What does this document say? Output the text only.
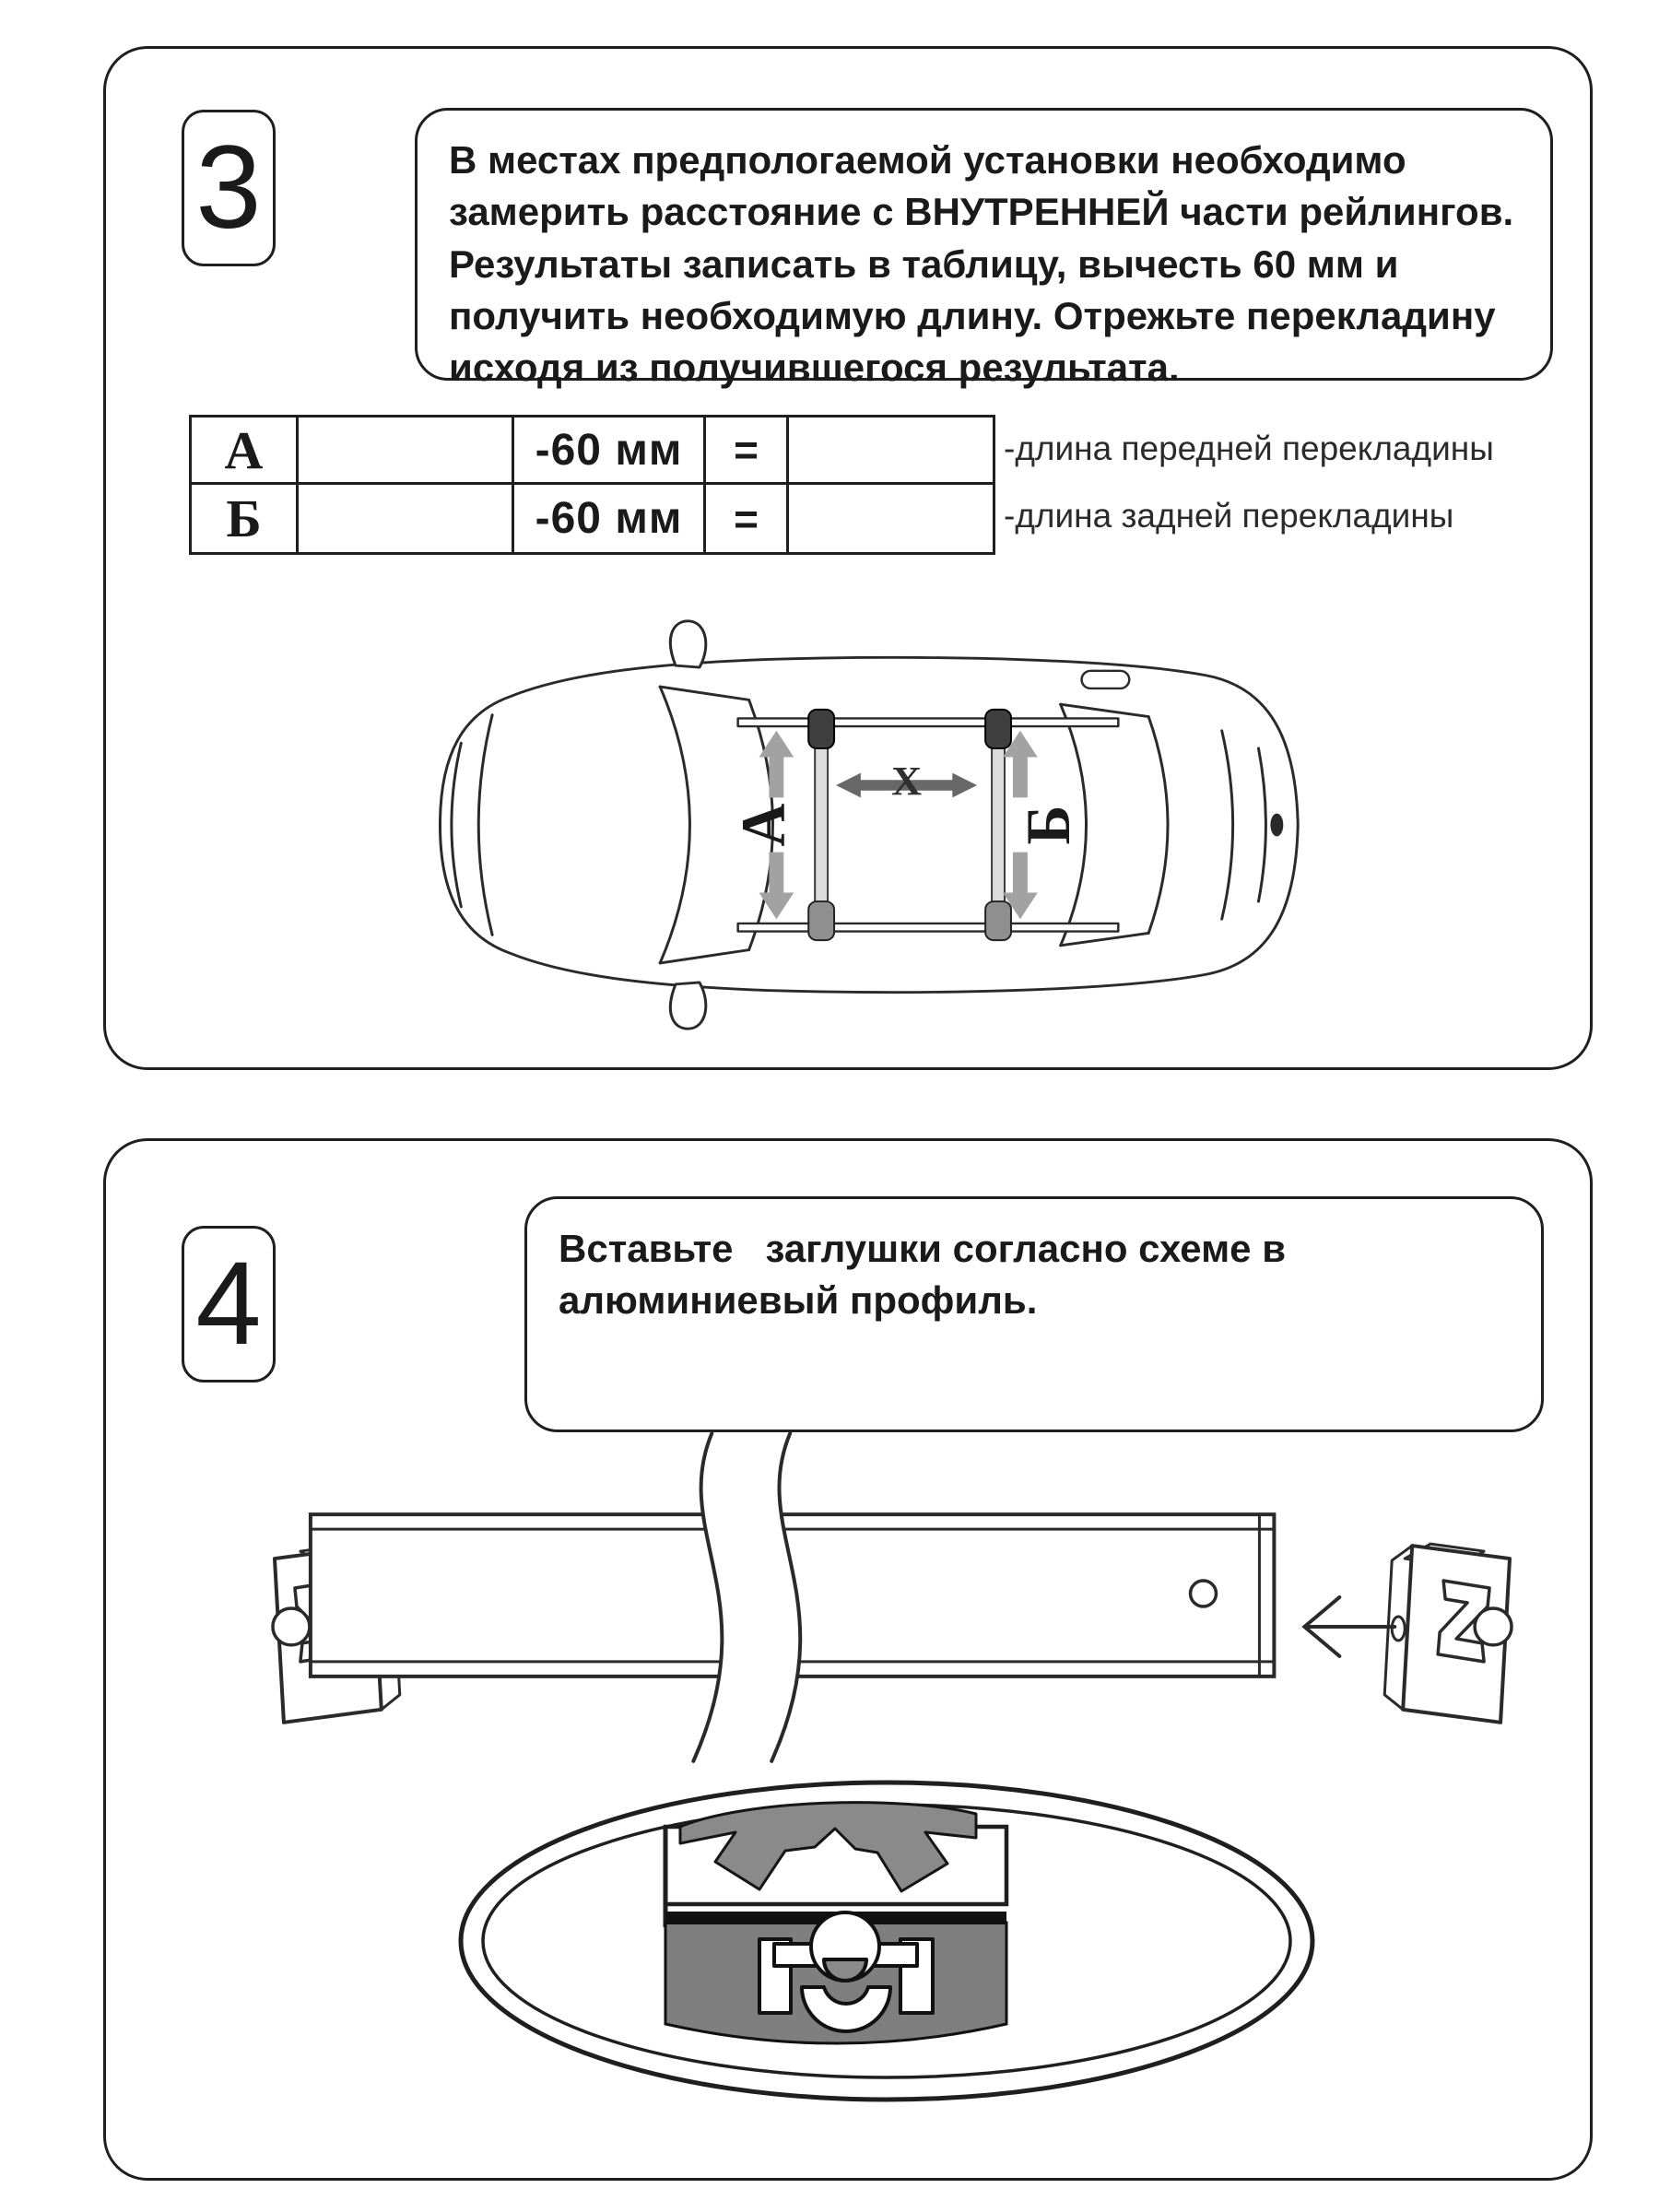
3	В местах предпологаемой установки необходимо замерить расстояние с ВНУТРЕННЕЙ части рейлингов. Результаты записать в таблицу, вычесть 60 мм и получить необходимую длину. Отрежьте перекладину исходя из получившегося результата.

А	-60 мм	=
Б	-60 мм	=
-длина передней перекладины
-длина задней перекладины
А	Б
X
4	Вставьте   заглушки согласно схеме в алюминиевый профиль.
